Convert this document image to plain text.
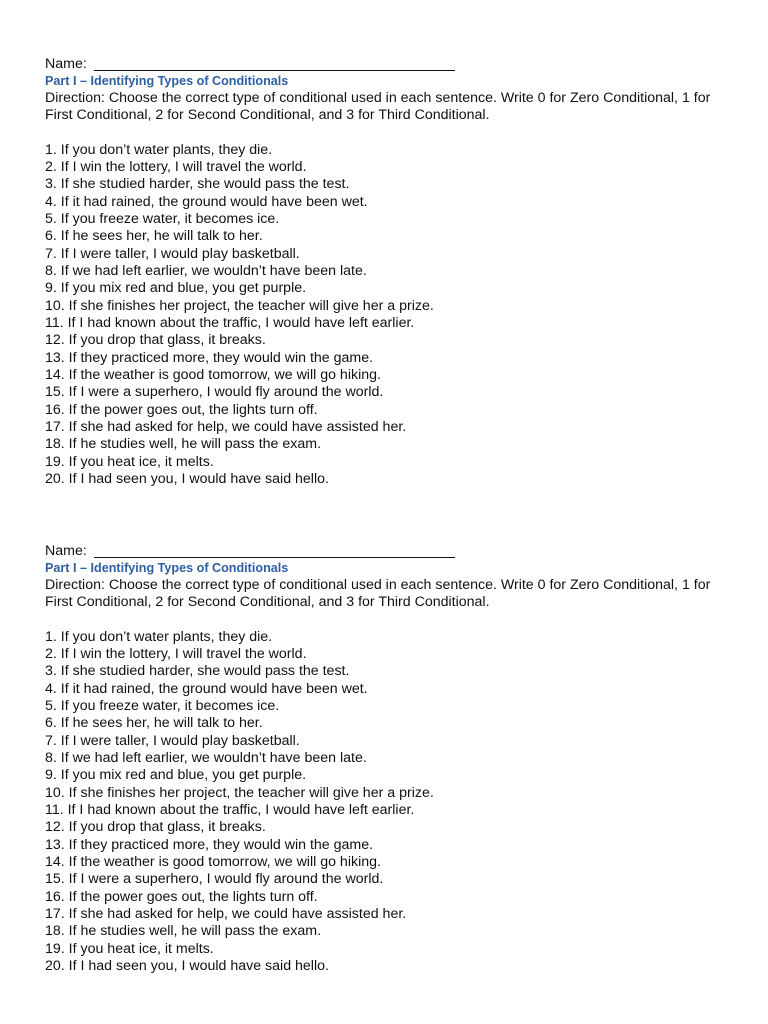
Name:
Part I – Identifying Types of Conditionals
Direction: Choose the correct type of conditional used in each sentence. Write 0 for Zero Conditional, 1 for First Conditional, 2 for Second Conditional, and 3 for Third Conditional.
1. If you don’t water plants, they die.
2. If I win the lottery, I will travel the world.
3. If she studied harder, she would pass the test.
4. If it had rained, the ground would have been wet.
5. If you freeze water, it becomes ice.
6. If he sees her, he will talk to her.
7. If I were taller, I would play basketball.
8. If we had left earlier, we wouldn’t have been late.
9. If you mix red and blue, you get purple.
10. If she finishes her project, the teacher will give her a prize.
11. If I had known about the traffic, I would have left earlier.
12. If you drop that glass, it breaks.
13. If they practiced more, they would win the game.
14. If the weather is good tomorrow, we will go hiking.
15. If I were a superhero, I would fly around the world.
16. If the power goes out, the lights turn off.
17. If she had asked for help, we could have assisted her.
18. If he studies well, he will pass the exam.
19. If you heat ice, it melts.
20. If I had seen you, I would have said hello.
Name:
Part I – Identifying Types of Conditionals
Direction: Choose the correct type of conditional used in each sentence. Write 0 for Zero Conditional, 1 for First Conditional, 2 for Second Conditional, and 3 for Third Conditional.
1. If you don’t water plants, they die.
2. If I win the lottery, I will travel the world.
3. If she studied harder, she would pass the test.
4. If it had rained, the ground would have been wet.
5. If you freeze water, it becomes ice.
6. If he sees her, he will talk to her.
7. If I were taller, I would play basketball.
8. If we had left earlier, we wouldn’t have been late.
9. If you mix red and blue, you get purple.
10. If she finishes her project, the teacher will give her a prize.
11. If I had known about the traffic, I would have left earlier.
12. If you drop that glass, it breaks.
13. If they practiced more, they would win the game.
14. If the weather is good tomorrow, we will go hiking.
15. If I were a superhero, I would fly around the world.
16. If the power goes out, the lights turn off.
17. If she had asked for help, we could have assisted her.
18. If he studies well, he will pass the exam.
19. If you heat ice, it melts.
20. If I had seen you, I would have said hello.
